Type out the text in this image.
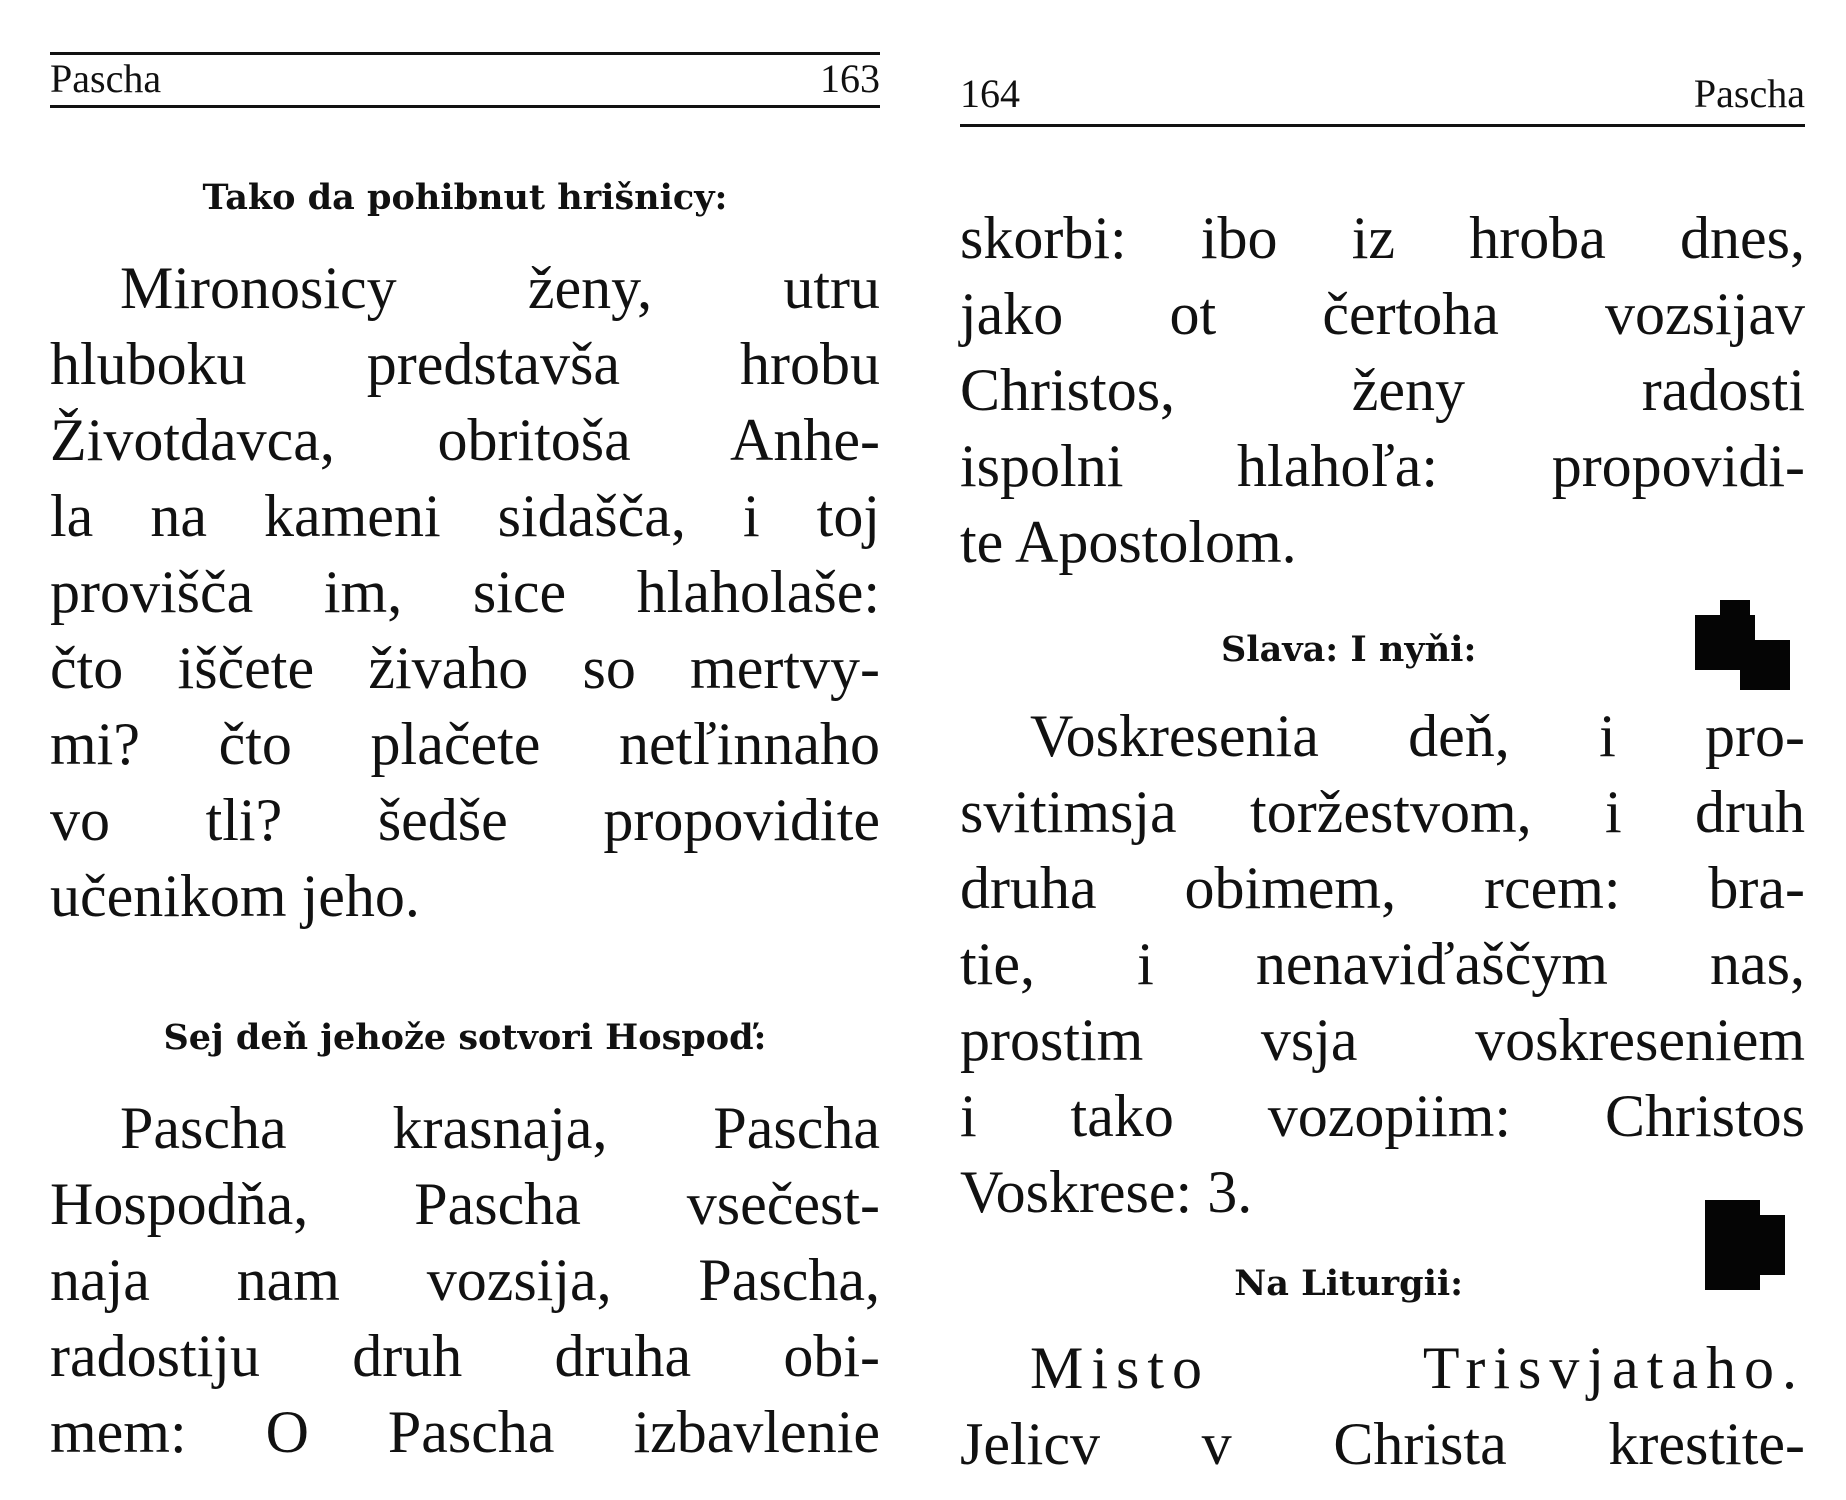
Pascha	163
Tako da pohibnut hrišnicy:
Mironosicy ženy, utru
hluboku predstavša hrobu
Životdavca, obritoša Anhe-
la na kameni sidašča, i toj
provišča im, sice hlaholaše:
čto iščete živaho so mertvy-
mi? čto plačete netľinnaho
vo tli? šedše propovidite
učenikom jeho.
Sej deň jehože sotvori Hospoď:
Pascha krasnaja, Pascha
Hospodňa, Pascha vsečest-
naja nam vozsija, Pascha,
radostiju druh druha obi-
mem: O Pascha izbavlenie
164	Pascha
skorbi: ibo iz hroba dnes,
jako ot čertoha vozsijav
Christos, ženy radosti
ispolni hlahoľa: propovidi-
te Apostolom.
Slava: I nyňi:
Voskresenia deň, i pro-
svitimsja toržestvom, i druh
druha obimem, rcem: bra-
tie, i nenaviďaščym nas,
prostim vsja voskreseniem
i tako vozopiim: Christos
Voskrese: 3.
Na Liturgii:
Misto Trisvjataho.
Jelicv v Christa krestite-
